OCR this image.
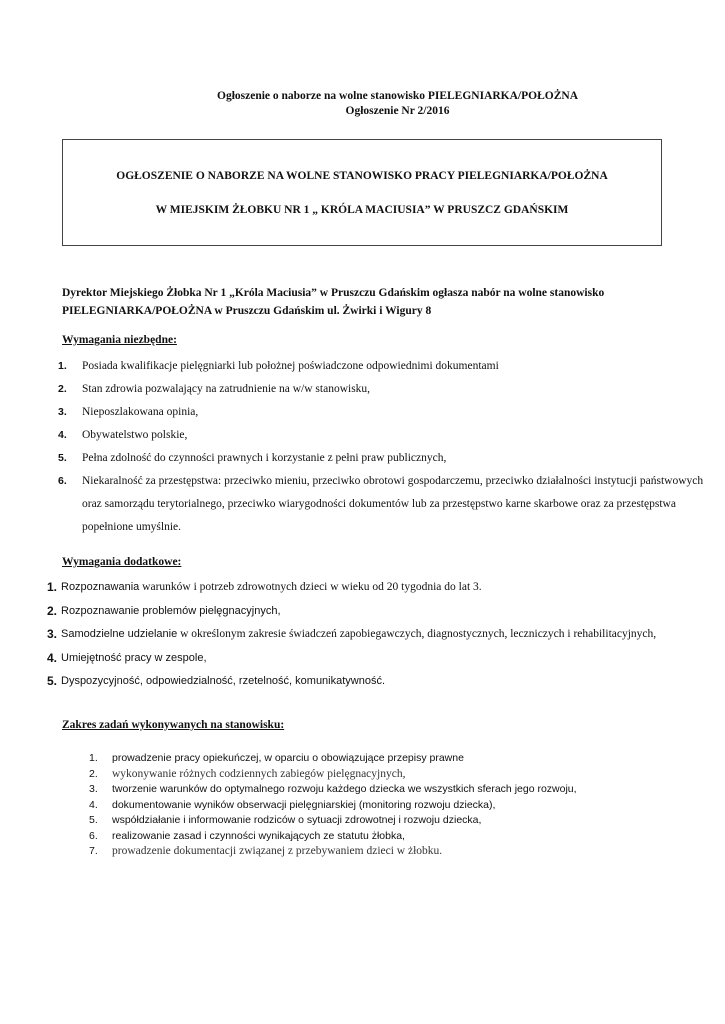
Ogłoszenie o naborze na wolne stanowisko PIELEGNIARKA/POŁOŻNA
Ogłoszenie Nr 2/2016
OGŁOSZENIE O NABORZE NA WOLNE STANOWISKO PRACY PIELEGNIARKA/POŁOŻNA
W MIEJSKIM ŻŁOBKU NR 1 „ KRÓLA MACIUSIA” W PRUSZCZ GDAŃSKIM
Dyrektor Miejskiego Żłobka Nr 1 „Króla Maciusia” w Pruszczu Gdańskim ogłasza nabór na wolne stanowisko
PIELEGNIARKA/POŁOŻNA w Pruszczu Gdańskim ul. Żwirki i Wigury 8
Wymagania niezbędne:
1. Posiada kwalifikacje pielęgniarki lub położnej poświadczone odpowiednimi dokumentami
2. Stan zdrowia pozwalający na zatrudnienie na w/w stanowisku,
3. Nieposzlakowana opinia,
4. Obywatelstwo polskie,
5. Pełna zdolność do czynności prawnych i korzystanie z pełni praw publicznych,
6. Niekaralność za przestępstwa: przeciwko mieniu, przeciwko obrotowi gospodarczemu, przeciwko działalności instytucji państwowych oraz samorządu terytorialnego, przeciwko wiarygodności dokumentów lub za przestępstwo karne skarbowe oraz za przestępstwa popełnione umyślnie.
Wymagania dodatkowe:
1. Rozpoznawania warunków i potrzeb zdrowotnych dzieci w wieku od 20 tygodnia do lat 3.
2. Rozpoznawanie problemów pielęgnacyjnych,
3. Samodzielne udzielanie w określonym zakresie świadczeń zapobiegawczych, diagnostycznych, leczniczych i rehabilitacyjnych,
4. Umiejętność pracy w zespole,
5. Dyspozycyjność, odpowiedzialność, rzetelność, komunikatywność.
Zakres zadań wykonywanych na stanowisku:
1. prowadzenie pracy opiekuńczej, w oparciu o obowiązujące przepisy prawne
2. wykonywanie różnych codziennych zabiegów pielęgnacyjnych,
3. tworzenie warunków do optymalnego rozwoju każdego dziecka we wszystkich sferach jego rozwoju,
4. dokumentowanie wyników obserwacji pielęgniarskiej (monitoring rozwoju dziecka),
5. współdziałanie i informowanie rodziców o sytuacji zdrowotnej i rozwoju dziecka,
6. realizowanie zasad i czynności wynikających ze statutu żłobka,
7. prowadzenie dokumentacji związanej z przebywaniem dzieci w żłobku.
